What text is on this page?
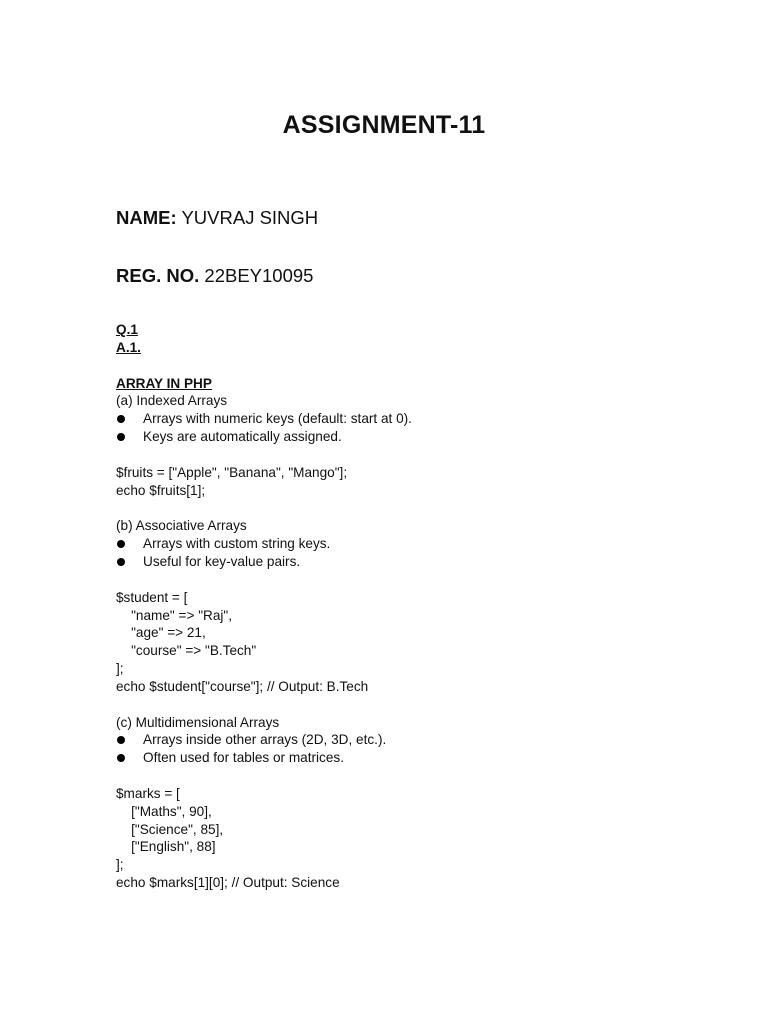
ASSIGNMENT-11
NAME: YUVRAJ SINGH
REG. NO. 22BEY10095
Q.1
A.1.
ARRAY IN PHP
(a) Indexed Arrays
Arrays with numeric keys (default: start at 0).
Keys are automatically assigned.
$fruits = ["Apple", "Banana", "Mango"];
echo $fruits[1];
(b) Associative Arrays
Arrays with custom string keys.
Useful for key-value pairs.
$student = [
"name" => "Raj",
"age" => 21,
"course" => "B.Tech"
];
echo $student["course"]; // Output: B.Tech
(c) Multidimensional Arrays
Arrays inside other arrays (2D, 3D, etc.).
Often used for tables or matrices.
$marks = [
["Maths", 90],
["Science", 85],
["English", 88]
];
echo $marks[1][0]; // Output: Science
